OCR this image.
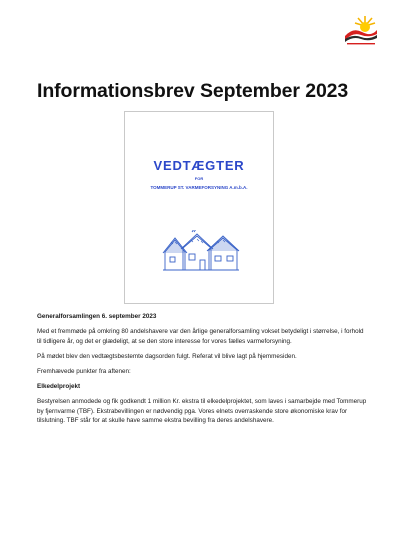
Informationsbrev September 2023
VEDTÆGTER
FOR
TOMMERUP ST. VARMEFORSYNING A.m.b.A.

Generalforsamlingen 6. september 2023

Med et fremmøde på omkring 80 andelshavere var den årlige generalforsamling vokset betydeligt i størrelse, i forhold til tidligere år, og det er glædeligt, at se den store interesse for vores fælles varmeforsyning.

På mødet blev den vedtægtsbestemte dagsorden fulgt. Referat vil blive lagt på hjemmesiden.

Fremhævede punkter fra aftenen:

Elkedelprojekt

Bestyrelsen anmodede og fik godkendt 1 million Kr. ekstra til elkedelprojektet, som laves i samarbejde med Tommerup by fjernvarme (TBF). Ekstrabevillingen er nødvendig pga. Vores elnets overraskende store økonomiske krav for tilslutning. TBF står for at skulle have samme ekstra bevilling fra deres andelshavere.
